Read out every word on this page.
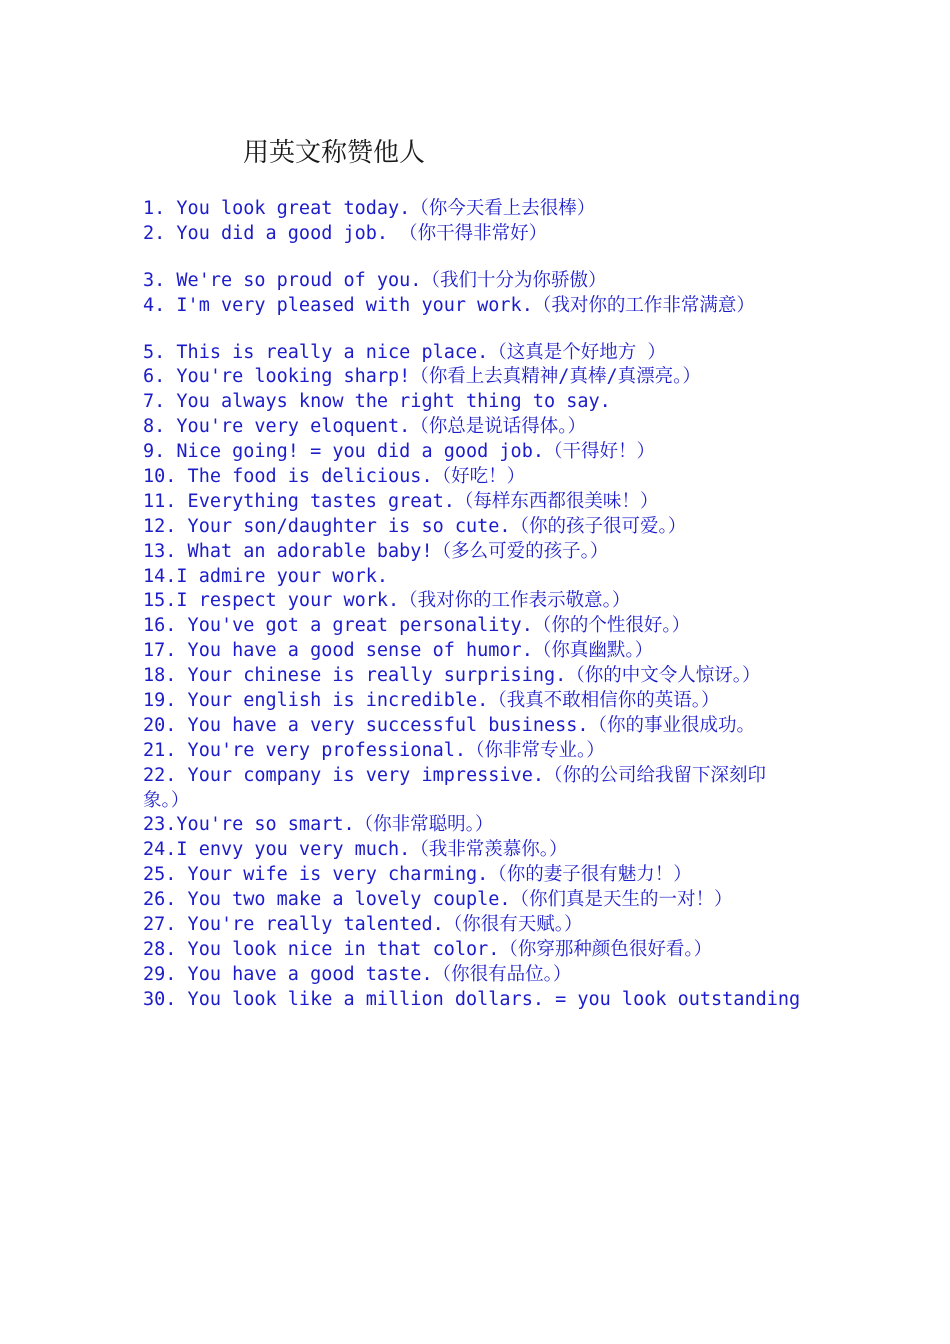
用英文称赞他人
1. You look great today.（你今天看上去很棒）
2. You did a good job. （你干得非常好）
3. We're so proud of you.（我们十分为你骄傲）
4. I'm very pleased with your work.（我对你的工作非常满意）
5. This is really a nice place.（这真是个好地方 ）
6. You're looking sharp!（你看上去真精神/真棒/真漂亮。）
7. You always know the right thing to say.
8. You're very eloquent.（你总是说话得体。）
9. Nice going! = you did a good job.（干得好！）
10. The food is delicious.（好吃！）
11. Everything tastes great.（每样东西都很美味！）
12. Your son/daughter is so cute.（你的孩子很可爱。）
13. What an adorable baby!（多么可爱的孩子。）
14.I admire your work.
15.I respect your work.（我对你的工作表示敬意。）
16. You've got a great personality.（你的个性很好。）
17. You have a good sense of humor.（你真幽默。）
18. Your chinese is really surprising.（你的中文令人惊讶。）
19. Your english is incredible.（我真不敢相信你的英语。）
20. You have a very successful business.（你的事业很成功。
21. You're very professional.（你非常专业。）
22. Your company is very impressive.（你的公司给我留下深刻印
象。）
23.You're so smart.（你非常聪明。）
24.I envy you very much.（我非常羡慕你。）
25. Your wife is very charming.（你的妻子很有魅力！）
26. You two make a lovely couple.（你们真是天生的一对！）
27. You're really talented.（你很有天赋。）
28. You look nice in that color.（你穿那种颜色很好看。）
29. You have a good taste.（你很有品位。）
30. You look like a million dollars. = you look outstanding
